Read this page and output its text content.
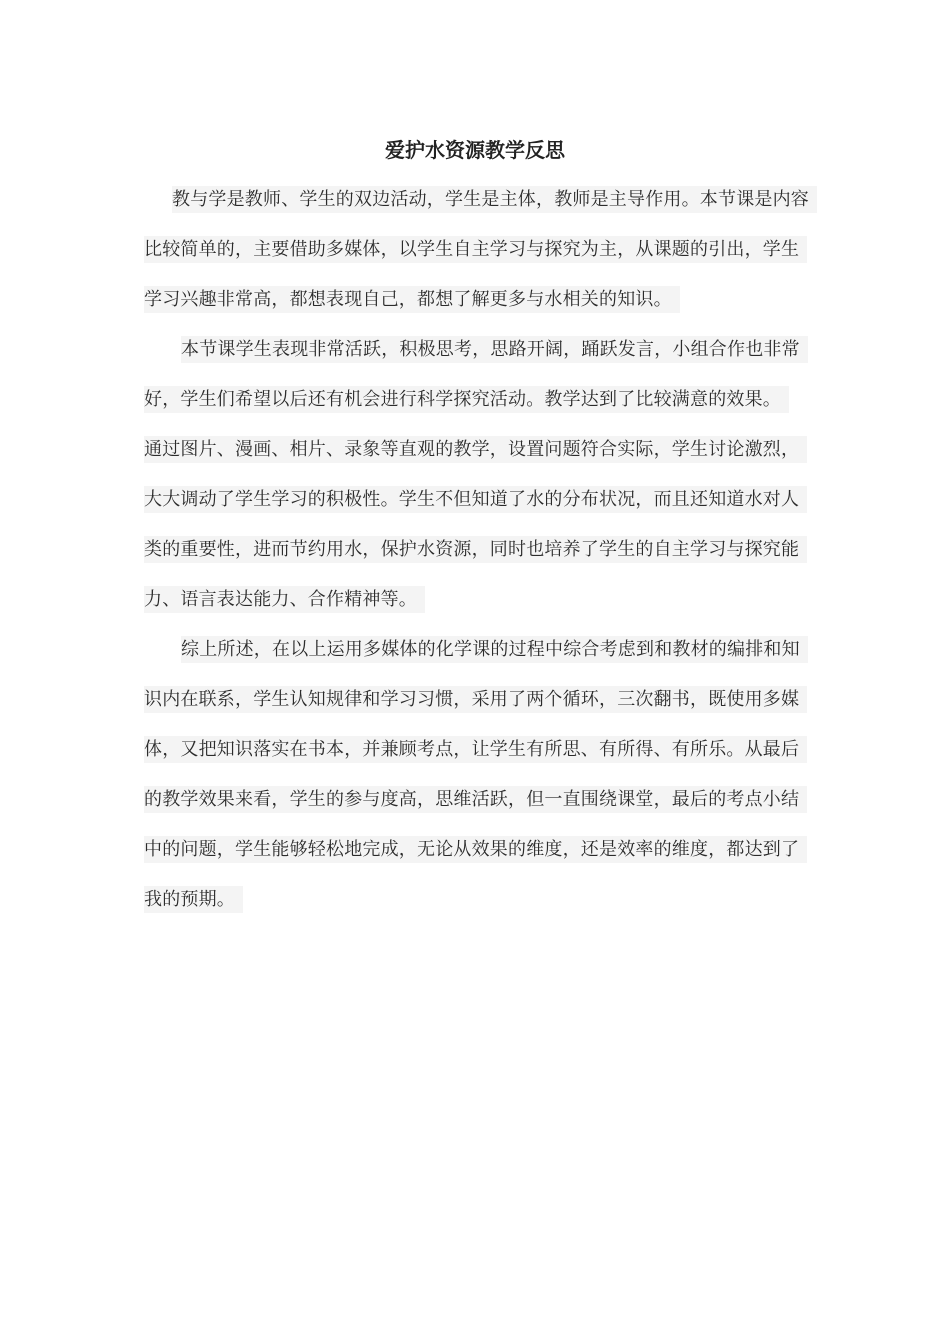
爱护水资源教学反思

教与学是教师、学生的双边活动，学生是主体，教师是主导作用。本节课是内容比较简单的，主要借助多媒体，以学生自主学习与探究为主，从课题的引出，学生学习兴趣非常高，都想表现自己，都想了解更多与水相关的知识。

本节课学生表现非常活跃，积极思考，思路开阔，踊跃发言，小组合作也非常好，学生们希望以后还有机会进行科学探究活动。教学达到了比较满意的效果。

通过图片、漫画、相片、录象等直观的教学，设置问题符合实际，学生讨论激烈，大大调动了学生学习的积极性。学生不但知道了水的分布状况，而且还知道水对人类的重要性，进而节约用水，保护水资源，同时也培养了学生的自主学习与探究能力、语言表达能力、合作精神等。

综上所述，在以上运用多媒体的化学课的过程中综合考虑到和教材的编排和知识内在联系，学生认知规律和学习习惯，采用了两个循环，三次翻书，既使用多媒体，又把知识落实在书本，并兼顾考点，让学生有所思、有所得、有所乐。从最后的教学效果来看，学生的参与度高，思维活跃，但一直围绕课堂，最后的考点小结中的问题，学生能够轻松地完成，无论从效果的维度，还是效率的维度，都达到了我的预期。
